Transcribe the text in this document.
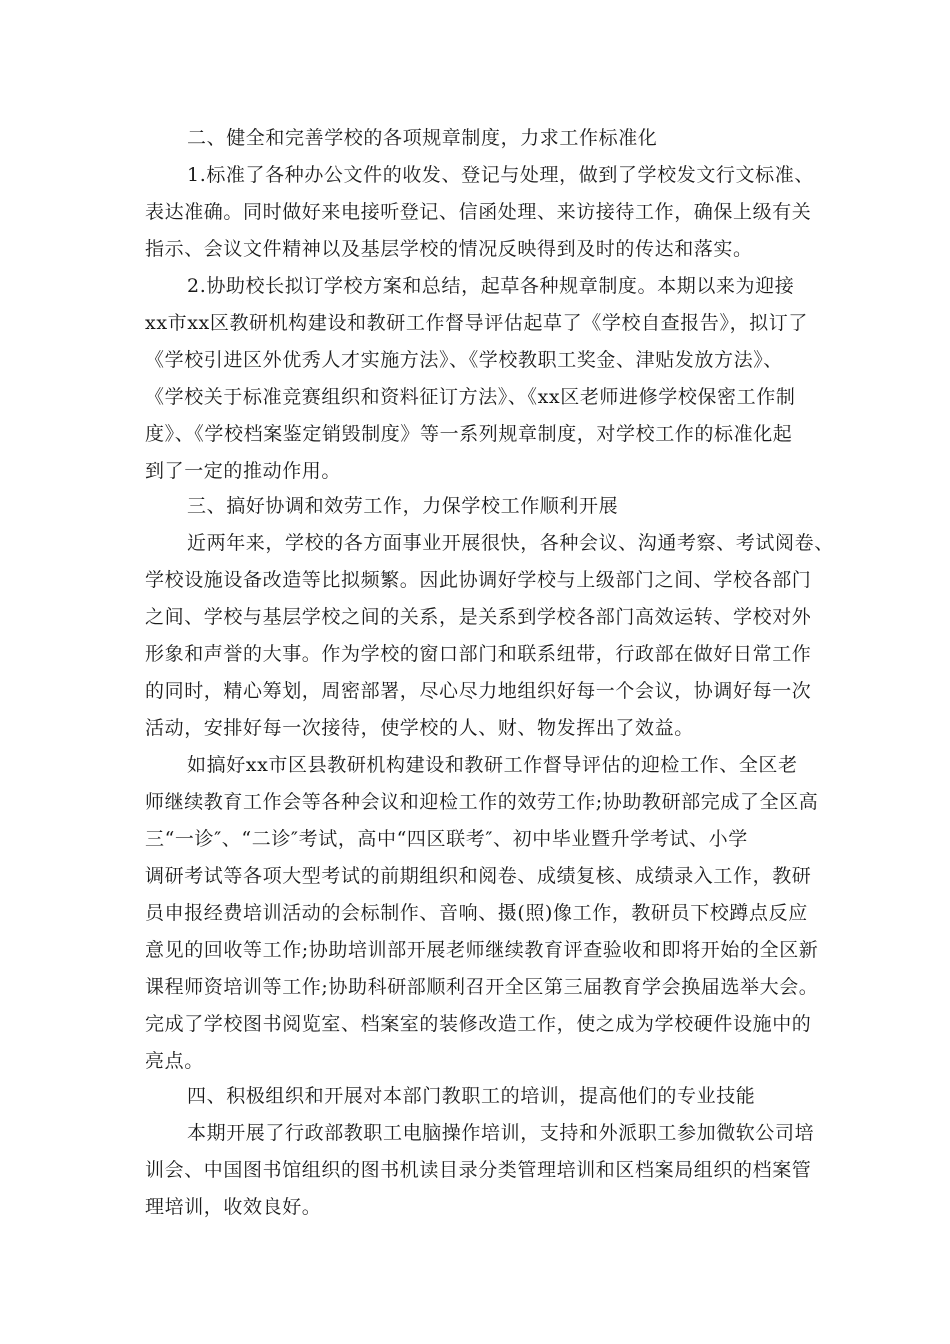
二、健全和完善学校的各项规章制度，力求工作标准化
1.标准了各种办公文件的收发、登记与处理，做到了学校发文行文标准、
表达准确。同时做好来电接听登记、信函处理、来访接待工作，确保上级有关
指示、会议文件精神以及基层学校的情况反映得到及时的传达和落实。
2.协助校长拟订学校方案和总结，起草各种规章制度。本期以来为迎接
xx市xx区教研机构建设和教研工作督导评估起草了《学校自查报告》，拟订了
《学校引进区外优秀人才实施方法》、《学校教职工奖金、津贴发放方法》、
《学校关于标准竞赛组织和资料征订方法》、《xx区老师进修学校保密工作制
度》、《学校档案鉴定销毁制度》等一系列规章制度，对学校工作的标准化起
到了一定的推动作用。
三、搞好协调和效劳工作，力保学校工作顺利开展
近两年来，学校的各方面事业开展很快，各种会议、沟通考察、考试阅卷、
学校设施设备改造等比拟频繁。因此协调好学校与上级部门之间、学校各部门
之间、学校与基层学校之间的关系，是关系到学校各部门高效运转、学校对外
形象和声誉的大事。作为学校的窗口部门和联系纽带，行政部在做好日常工作
的同时，精心筹划，周密部署，尽心尽力地组织好每一个会议，协调好每一次
活动，安排好每一次接待，使学校的人、财、物发挥出了效益。
如搞好xx市区县教研机构建设和教研工作督导评估的迎检工作、全区老
师继续教育工作会等各种会议和迎检工作的效劳工作;协助教研部完成了全区高
三“一诊″、“二诊″考试，高中“四区联考″、初中毕业暨升学考试、小学
调研考试等各项大型考试的前期组织和阅卷、成绩复核、成绩录入工作，教研
员申报经费培训活动的会标制作、音响、摄(照)像工作，教研员下校蹲点反应
意见的回收等工作;协助培训部开展老师继续教育评查验收和即将开始的全区新
课程师资培训等工作;协助科研部顺利召开全区第三届教育学会换届选举大会。
完成了学校图书阅览室、档案室的装修改造工作，使之成为学校硬件设施中的
亮点。
四、积极组织和开展对本部门教职工的培训，提高他们的专业技能
本期开展了行政部教职工电脑操作培训，支持和外派职工参加微软公司培
训会、中国图书馆组织的图书机读目录分类管理培训和区档案局组织的档案管
理培训，收效良好。
